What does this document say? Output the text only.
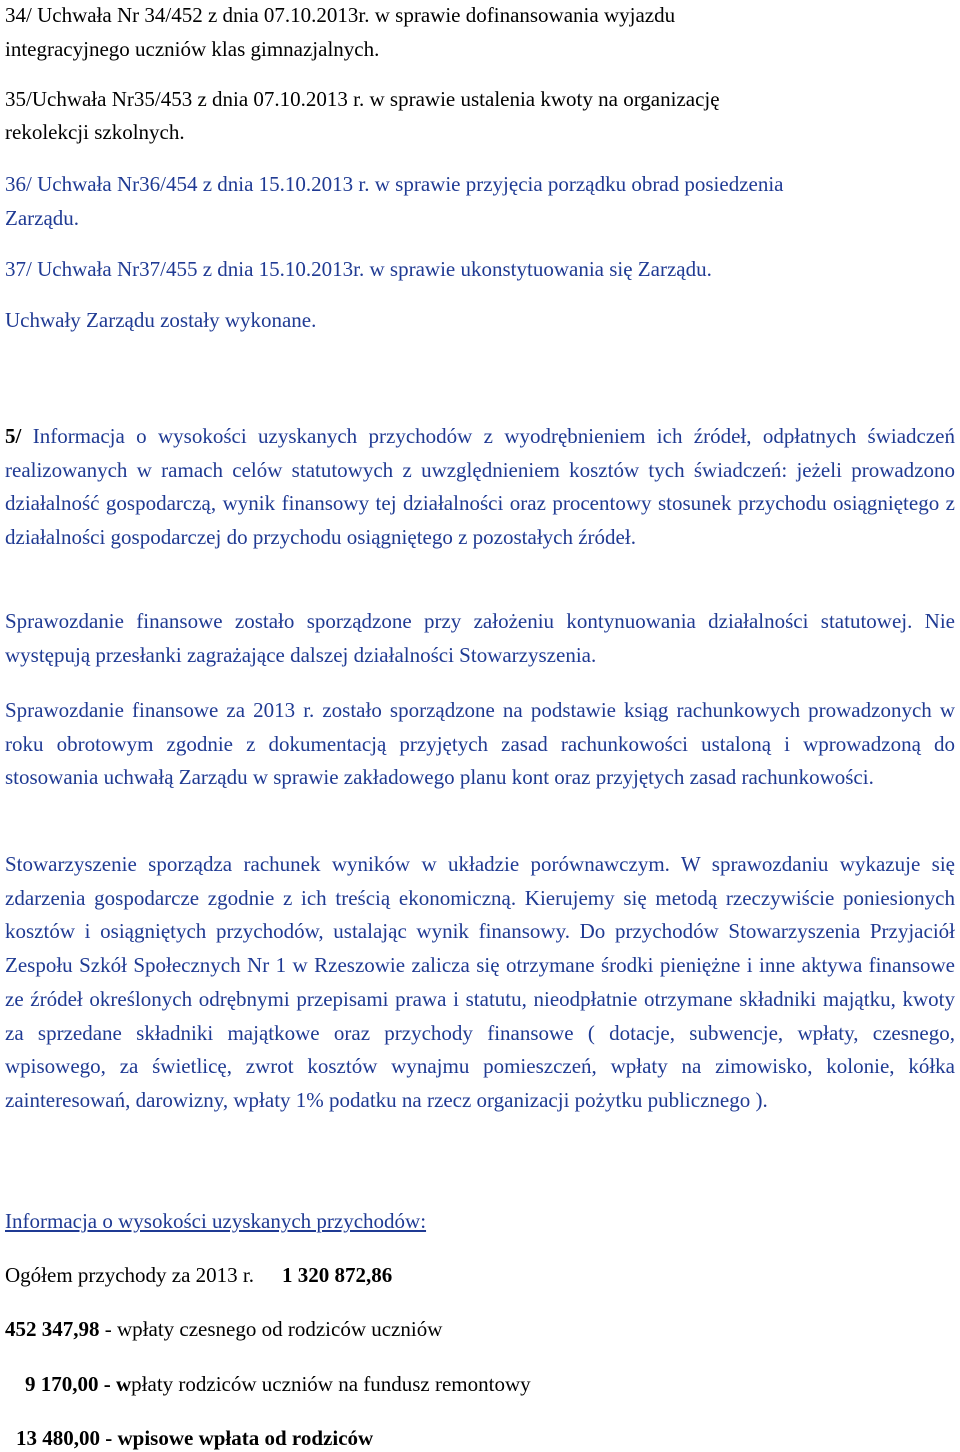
34/ Uchwała Nr 34/452 z dnia 07.10.2013r. w sprawie dofinansowania wyjazdu
integracyjnego uczniów klas gimnazjalnych.
35/Uchwała Nr35/453 z dnia 07.10.2013 r. w sprawie ustalenia kwoty na organizację
rekolekcji szkolnych.
36/ Uchwała Nr36/454 z dnia 15.10.2013 r. w sprawie przyjęcia porządku obrad posiedzenia
Zarządu.
37/ Uchwała Nr37/455 z dnia 15.10.2013r. w sprawie ukonstytuowania się Zarządu.
Uchwały Zarządu zostały wykonane.
5/ Informacja o wysokości uzyskanych przychodów z wyodrębnieniem ich źródeł, odpłatnych świadczeń realizowanych w ramach celów statutowych z uwzględnieniem kosztów tych świadczeń: jeżeli prowadzono działalność gospodarczą, wynik finansowy tej działalności oraz procentowy stosunek przychodu osiągniętego z działalności gospodarczej do przychodu osiągniętego z pozostałych źródeł.
Sprawozdanie finansowe zostało sporządzone przy założeniu kontynuowania działalności statutowej. Nie występują przesłanki zagrażające dalszej działalności Stowarzyszenia.
Sprawozdanie finansowe za 2013 r. zostało sporządzone na podstawie ksiąg rachunkowych prowadzonych w roku obrotowym zgodnie z dokumentacją przyjętych zasad rachunkowości ustaloną i wprowadzoną do stosowania uchwałą Zarządu w sprawie zakładowego planu kont oraz przyjętych zasad rachunkowości.
Stowarzyszenie sporządza rachunek wyników w układzie porównawczym. W sprawozdaniu wykazuje się zdarzenia gospodarcze zgodnie z ich treścią ekonomiczną. Kierujemy się metodą rzeczywiście poniesionych kosztów i osiągniętych przychodów, ustalając wynik finansowy. Do przychodów Stowarzyszenia Przyjaciół Zespołu Szkół Społecznych Nr 1 w Rzeszowie zalicza się otrzymane środki pieniężne i inne aktywa finansowe ze źródeł określonych odrębnymi przepisami prawa i statutu, nieodpłatnie otrzymane składniki majątku, kwoty za sprzedane składniki majątkowe oraz przychody finansowe ( dotacje, subwencje, wpłaty, czesnego, wpisowego, za świetlicę, zwrot kosztów wynajmu pomieszczeń, wpłaty na zimowisko, kolonie, kółka zainteresowań, darowizny, wpłaty 1% podatku na rzecz organizacji pożytku publicznego ).
Informacja o wysokości uzyskanych przychodów:
Ogółem przychody za 2013 r. 1 320 872,86
452 347,98 - wpłaty czesnego od rodziców uczniów
9 170,00 - wpłaty rodziców uczniów na fundusz remontowy
13 480,00 - wpisowe wpłata od rodziców
